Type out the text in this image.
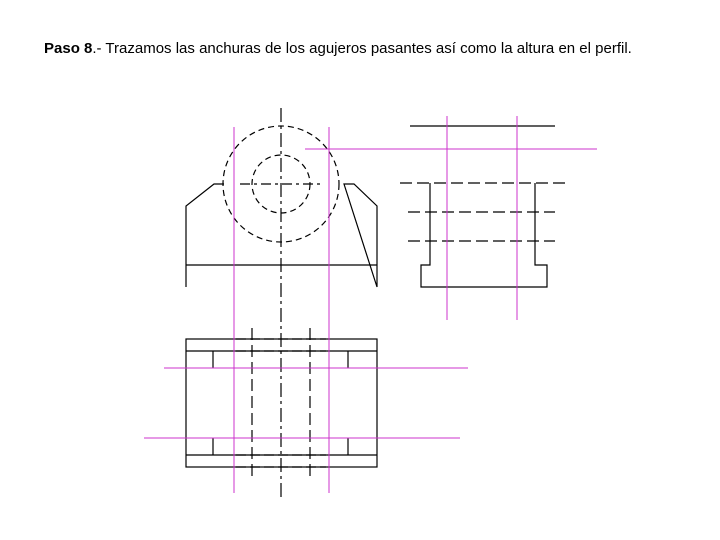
Paso 8.- Trazamos las anchuras de los agujeros pasantes así como la altura en el perfil.
